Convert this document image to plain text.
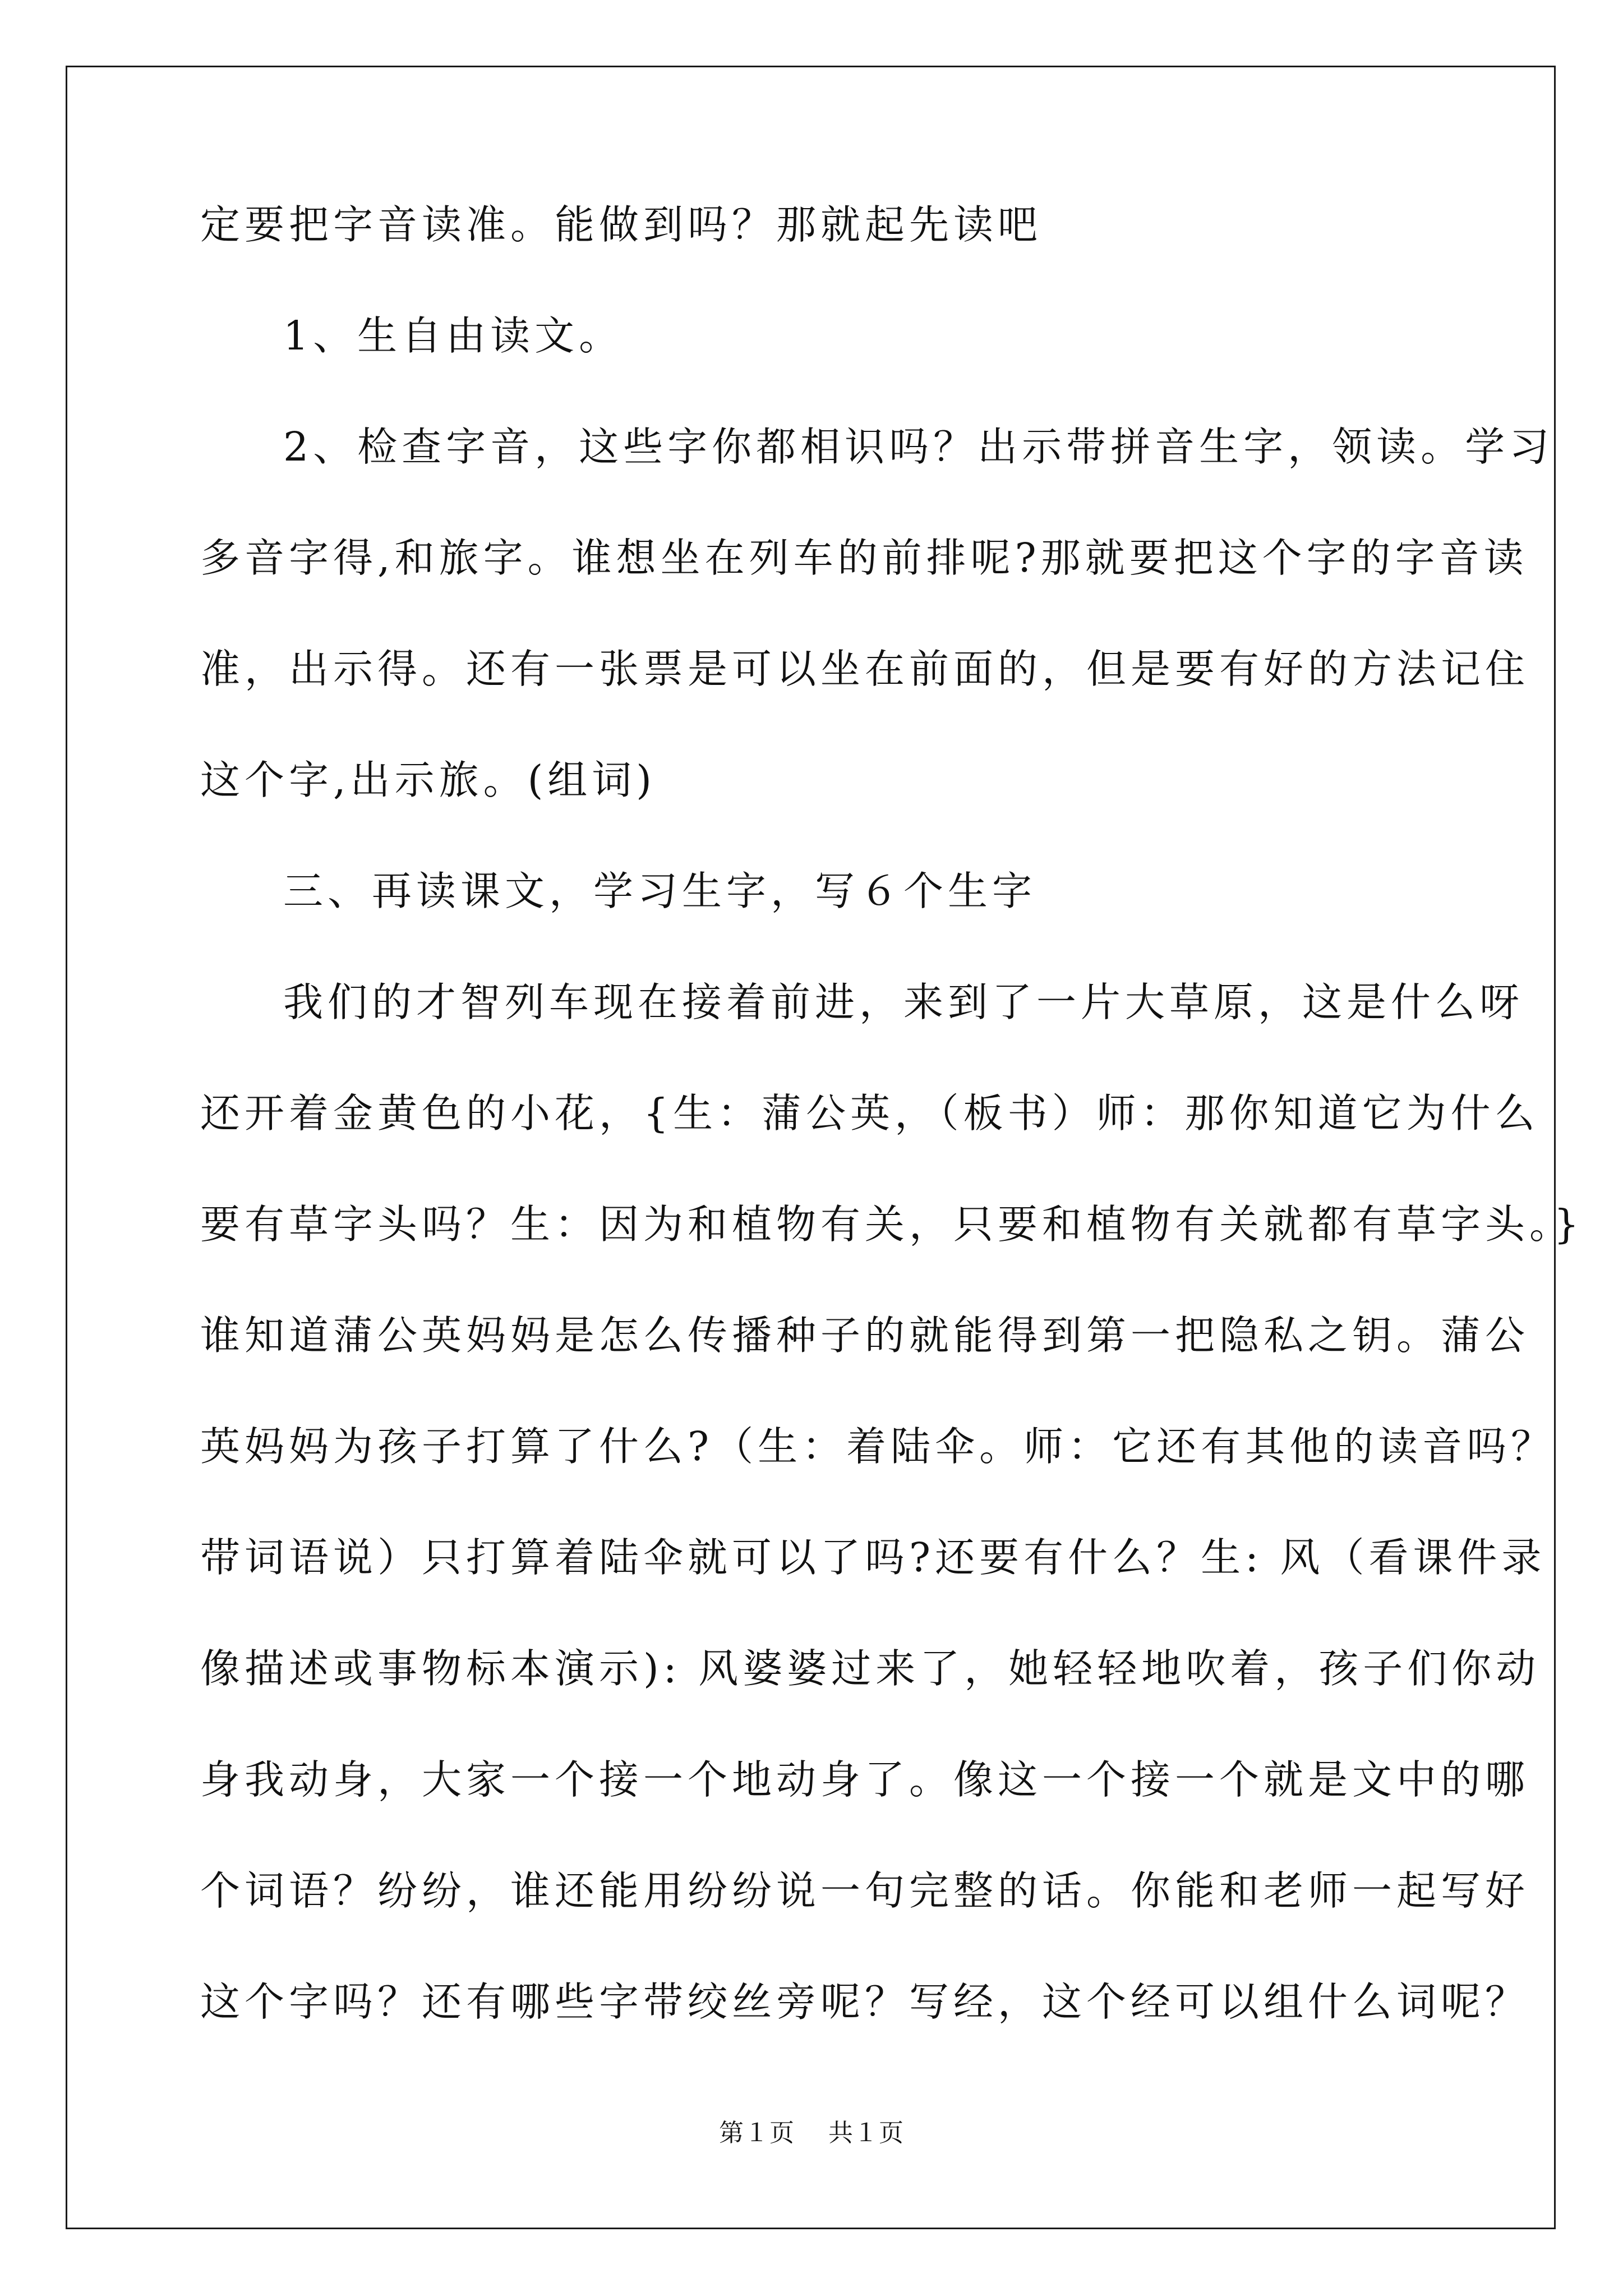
定要把字音读准。能做到吗？那就起先读吧
1、生自由读文。
2、检查字音，这些字你都相识吗？出示带拼音生字，领读。学习
多音字得,和旅字。谁想坐在列车的前排呢?那就要把这个字的字音读
准，出示得。还有一张票是可以坐在前面的，但是要有好的方法记住
这个字,出示旅。(组词)
三、再读课文，学习生字，写６个生字
我们的才智列车现在接着前进，来到了一片大草原，这是什么呀
还开着金黄色的小花，{生：蒲公英，（板书）师：那你知道它为什么
要有草字头吗？生：因为和植物有关，只要和植物有关就都有草字头。}
谁知道蒲公英妈妈是怎么传播种子的就能得到第一把隐私之钥。蒲公
英妈妈为孩子打算了什么?（生：着陆伞。师：它还有其他的读音吗？
带词语说）只打算着陆伞就可以了吗?还要有什么？生: 风（看课件录
像描述或事物标本演示): 风婆婆过来了，她轻轻地吹着，孩子们你动
身我动身，大家一个接一个地动身了。像这一个接一个就是文中的哪
个词语？纷纷，谁还能用纷纷说一句完整的话。你能和老师一起写好
这个字吗？还有哪些字带绞丝旁呢？写经，这个经可以组什么词呢？
第１页 共１页
